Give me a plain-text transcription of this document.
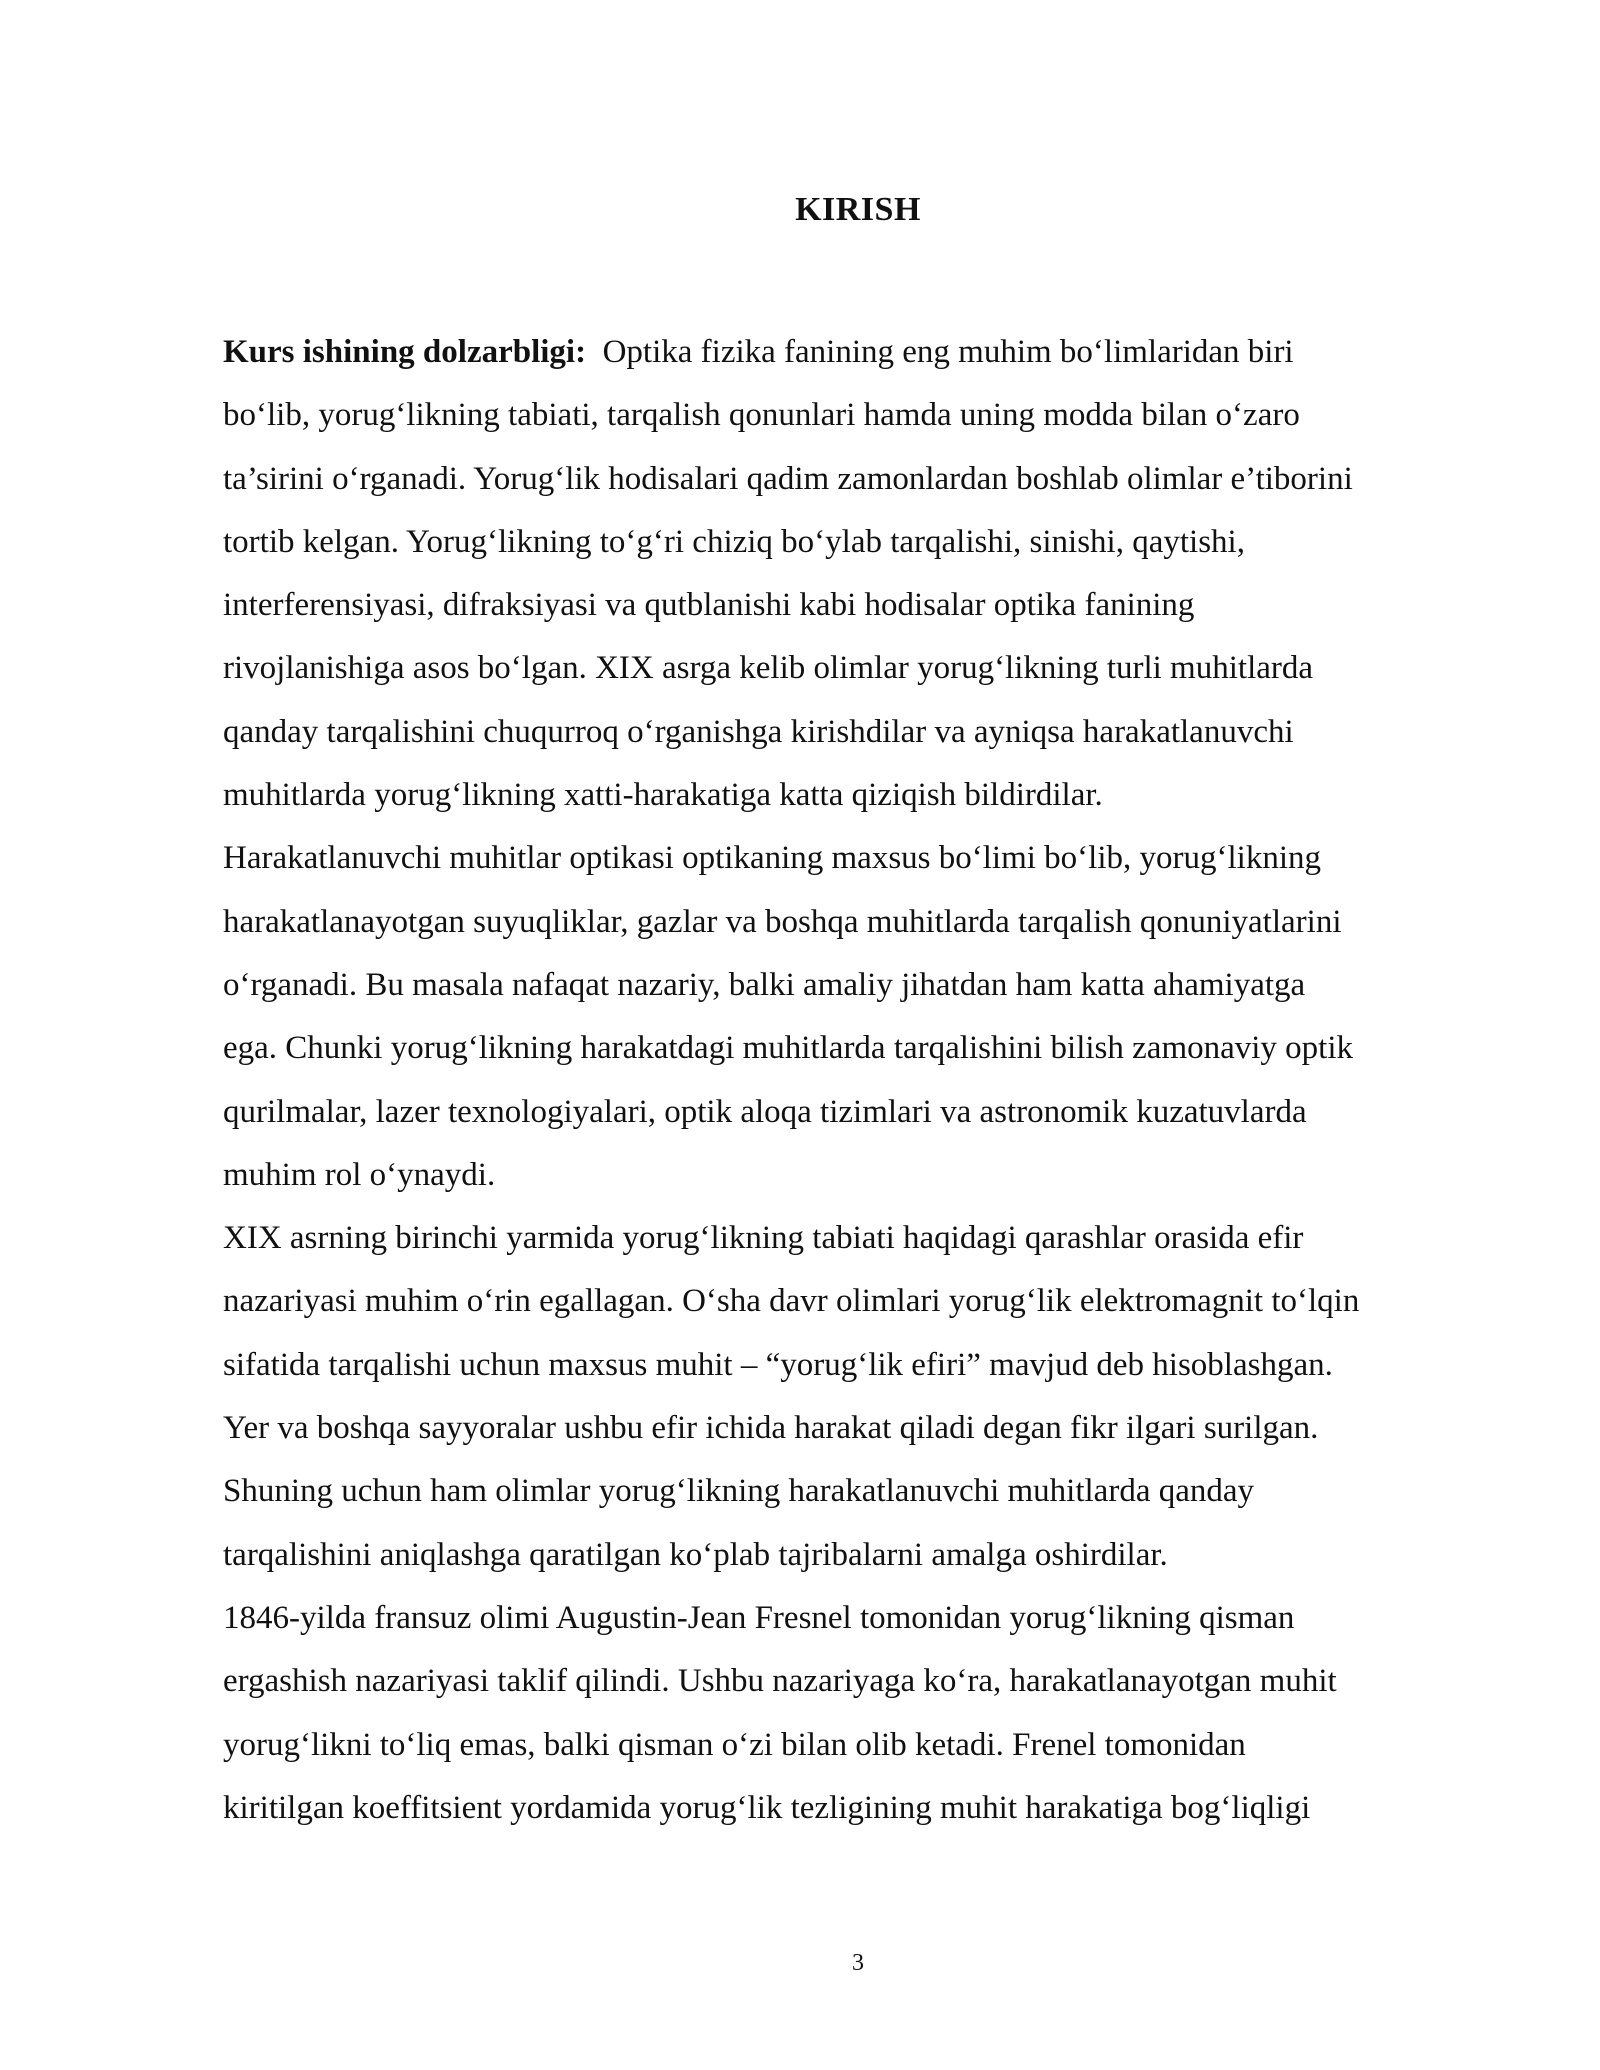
KIRISH
Kurs ishining dolzarbligi:  Optika fizika fanining eng muhim bo‘limlaridan biri
bo‘lib, yorug‘likning tabiati, tarqalish qonunlari hamda uning modda bilan o‘zaro
ta’sirini o‘rganadi. Yorug‘lik hodisalari qadim zamonlardan boshlab olimlar e’tiborini
tortib kelgan. Yorug‘likning to‘g‘ri chiziq bo‘ylab tarqalishi, sinishi, qaytishi,
interferensiyasi, difraksiyasi va qutblanishi kabi hodisalar optika fanining
rivojlanishiga asos bo‘lgan. XIX asrga kelib olimlar yorug‘likning turli muhitlarda
qanday tarqalishini chuqurroq o‘rganishga kirishdilar va ayniqsa harakatlanuvchi
muhitlarda yorug‘likning xatti-harakatiga katta qiziqish bildirdilar.
Harakatlanuvchi muhitlar optikasi optikaning maxsus bo‘limi bo‘lib, yorug‘likning
harakatlanayotgan suyuqliklar, gazlar va boshqa muhitlarda tarqalish qonuniyatlarini
o‘rganadi. Bu masala nafaqat nazariy, balki amaliy jihatdan ham katta ahamiyatga
ega. Chunki yorug‘likning harakatdagi muhitlarda tarqalishini bilish zamonaviy optik
qurilmalar, lazer texnologiyalari, optik aloqa tizimlari va astronomik kuzatuvlarda
muhim rol o‘ynaydi.
XIX asrning birinchi yarmida yorug‘likning tabiati haqidagi qarashlar orasida efir
nazariyasi muhim o‘rin egallagan. O‘sha davr olimlari yorug‘lik elektromagnit to‘lqin
sifatida tarqalishi uchun maxsus muhit – “yorug‘lik efiri” mavjud deb hisoblashgan.
Yer va boshqa sayyoralar ushbu efir ichida harakat qiladi degan fikr ilgari surilgan.
Shuning uchun ham olimlar yorug‘likning harakatlanuvchi muhitlarda qanday
tarqalishini aniqlashga qaratilgan ko‘plab tajribalarni amalga oshirdilar.
1846-yilda fransuz olimi Augustin-Jean Fresnel tomonidan yorug‘likning qisman
ergashish nazariyasi taklif qilindi. Ushbu nazariyaga ko‘ra, harakatlanayotgan muhit
yorug‘likni to‘liq emas, balki qisman o‘zi bilan olib ketadi. Frenel tomonidan
kiritilgan koeffitsient yordamida yorug‘lik tezligining muhit harakatiga bog‘liqligi
3
